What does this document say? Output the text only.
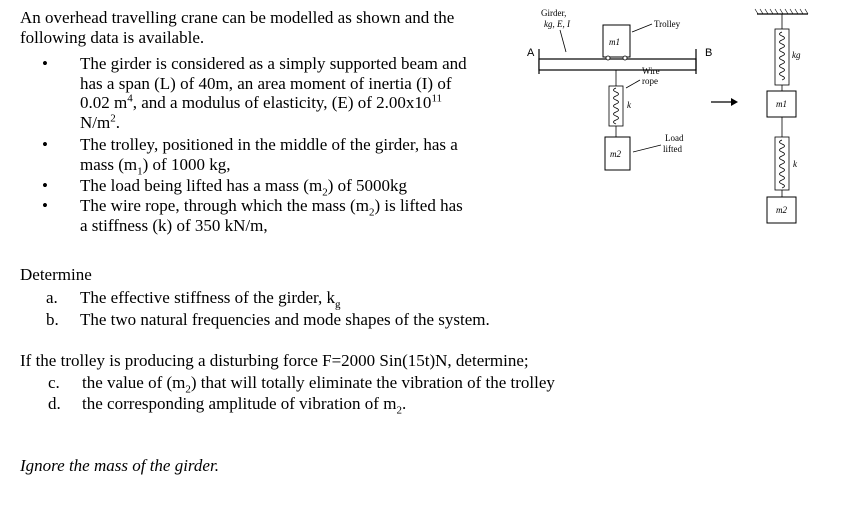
An overhead travelling crane can be modelled as shown and the
following data is available.
•	The girder is considered as a simply supported beam and
has a span (L) of 40m, an area moment of inertia (I) of
0.02 $m^4$, and a modulus of elasticity, (E) of $2.00x10^{11}$
$N/m^2$.
•	The trolley, positioned in the middle of the girder, has a
mass $(m_1)$ of 1000 kg,
•	The load being lifted has a mass $(m_2)$ of 5000kg
•	The wire rope, through which the mass $(m_2)$ is lifted has
a stiffness (k) of 350 kN/m,
Determine
a. The effective stiffness of the girder, $k_g$
b. The two natural frequencies and mode shapes of the system.
If the trolley is producing a disturbing force F=2000 Sin(15t)N, determine;
c. the value of $(m_2)$ that will totally eliminate the vibration of the trolley
d. the corresponding amplitude of vibration of $m_2$.
Ignore the mass of the girder.
Girder,
kg, E, I
A	B
m1
Trolley
k
Wire
rope
m2
Load
lifted
kg
m1
k
m2
